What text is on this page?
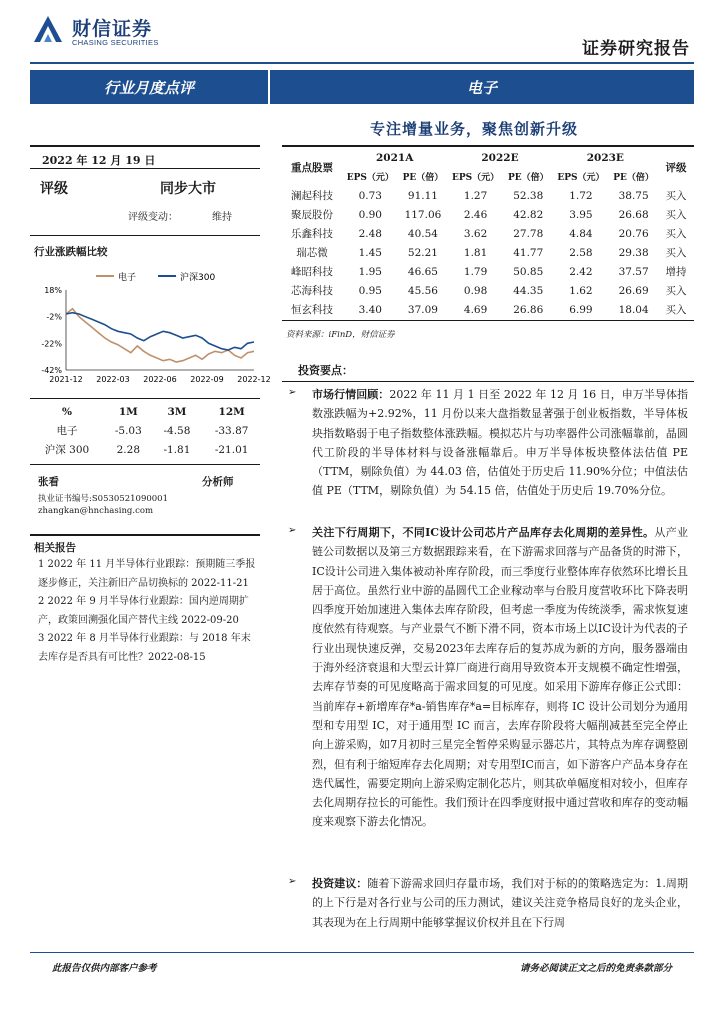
财信证券
CHASING SECURITIES	证券研究报告
行业月度点评	电子
专注增量业务，聚焦创新升级
2022 年 12 月 19 日
评级	同步大市
评级变动：	维持
行业涨跌幅比较
电子	沪深300
18%
-2%
-22%
-42%
2021-12 2022-03 2022-06 2022-09 2022-12
%	1M	3M	12M
电子	-5.03	-4.58	-33.87
沪深 300	2.28	-1.81	-21.01
张看	分析师
执业证书编号:S0530521090001
zhangkan@hnchasing.com
相关报告
1 2022 年 11 月半导体行业跟踪：预期随三季报逐步修正，关注新旧产品切换标的 2022-11-21
2 2022 年 9 月半导体行业跟踪：国内逆周期扩产，政策回溯强化国产替代主线 2022-09-20
3 2022 年 8 月半导体行业跟踪：与 2018 年末去库存是否具有可比性？2022-08-15
重点股票	2021A		2022E		2023E		评级
	EPS（元）	PE（倍）	EPS（元）	PE（倍）	EPS（元）	PE（倍）	
澜起科技	0.73	91.11	1.27	52.38	1.72	38.75	买入
聚辰股份	0.90	117.06	2.46	42.82	3.95	26.68	买入
乐鑫科技	2.48	40.54	3.62	27.78	4.84	20.76	买入
瑞芯微	1.45	52.21	1.81	41.77	2.58	29.38	买入
峰昭科技	1.95	46.65	1.79	50.85	2.42	37.57	增持
芯海科技	0.95	45.56	0.98	44.35	1.62	26.69	买入
恒玄科技	3.40	37.09	4.69	26.86	6.99	18.04	买入
资料来源：iFinD，财信证券
投资要点：
➢ 市场行情回顾：2022 年 11 月 1 日至 2022 年 12 月 16 日，申万半导体指数涨跌幅为+2.92%，11 月份以来大盘指数显著强于创业板指数，半导体板块指数略弱于电子指数整体涨跌幅。模拟芯片与功率器件公司涨幅靠前，晶圆代工阶段的半导体材料与设备涨幅靠后。申万半导体板块整体法估值 PE（TTM，剔除负值）为 44.03 倍，估值处于历史后 11.90%分位；中值法估值 PE（TTM，剔除负值）为 54.15 倍，估值处于历史后 19.70%分位。
➢ 关注下行周期下，不同IC设计公司芯片产品库存去化周期的差异性。从产业链公司数据以及第三方数据跟踪来看，在下游需求回落与产品备货的时滞下，IC设计公司进入集体被动补库存阶段，而三季度行业整体库存依然环比增长且居于高位。虽然行业中游的晶圆代工企业稼动率与台股月度营收环比下降表明四季度开始加速进入集体去库存阶段，但考虑一季度为传统淡季，需求恢复速度依然有待观察。与产业景气不断下滑不同，资本市场上以IC设计为代表的子行业出现快速反弹，交易2023年去库存后的复苏成为新的方向，服务器端由于海外经济衰退和大型云计算厂商进行商用导致资本开支规模不确定性增强，去库存节奏的可见度略高于需求回复的可见度。如采用下游库存修正公式即：当前库存+新增库存*a-销售库存*a=目标库存，则将 IC 设计公司划分为通用型和专用型 IC，对于通用型 IC 而言，去库存阶段将大幅削减甚至完全停止向上游采购，如7月初时三星完全暂停采购显示器芯片，其特点为库存调整剧烈，但有利于缩短库存去化周期；对专用型IC而言，如下游客户产品本身存在迭代属性，需要定期向上游采购定制化芯片，则其砍单幅度相对较小，但库存去化周期存拉长的可能性。我们预计在四季度财报中通过营收和库存的变动幅度来观察下游去化情况。
➢ 投资建议：随着下游需求回归存量市场，我们对于标的的策略选定为：1.周期的上下行是对各行业与公司的压力测试，建议关注竞争格局良好的龙头企业，其表现为在上行周期中能够掌握议价权并且在下行周
此报告仅供内部客户参考	请务必阅读正文之后的免责条款部分
